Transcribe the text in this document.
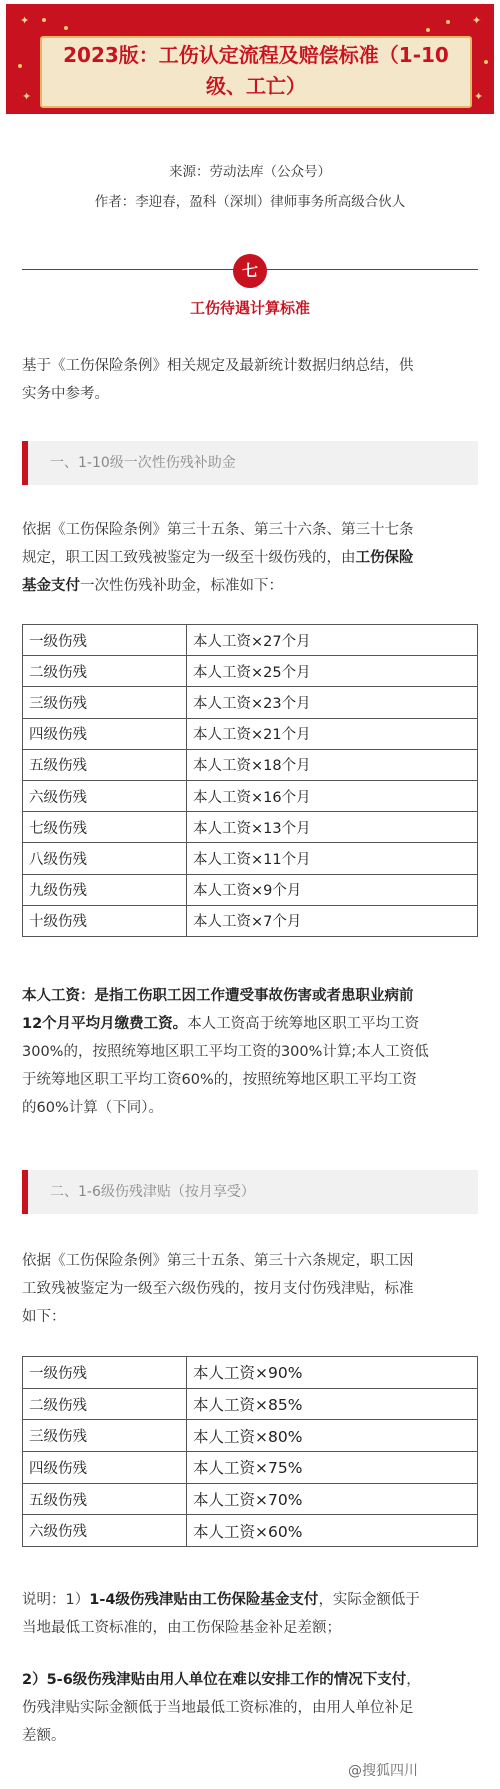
✦	✦
✦	✦
2023版：工伤认定流程及赔偿标准（1-10
级、工亡）
来源：劳动法库（公众号）
作者：李迎春，盈科（深圳）律师事务所高级合伙人
七
工伤待遇计算标准
基于《工伤保险条例》相关规定及最新统计数据归纳总结，供
实务中参考。
一、1-10级一次性伤残补助金
依据《工伤保险条例》第三十五条、第三十六条、第三十七条
规定，职工因工致残被鉴定为一级至十级伤残的，由工伤保险
基金支付一次性伤残补助金，标准如下：
一级伤残	本人工资×27个月
二级伤残	本人工资×25个月
三级伤残	本人工资×23个月
四级伤残	本人工资×21个月
五级伤残	本人工资×18个月
六级伤残	本人工资×16个月
七级伤残	本人工资×13个月
八级伤残	本人工资×11个月
九级伤残	本人工资×9个月
十级伤残	本人工资×7个月
本人工资：是指工伤职工因工作遭受事故伤害或者患职业病前
12个月平均月缴费工资。本人工资高于统筹地区职工平均工资
300%的，按照统筹地区职工平均工资的300%计算;本人工资低
于统筹地区职工平均工资60%的，按照统筹地区职工平均工资
的60%计算（下同）。
二、1-6级伤残津贴（按月享受）
依据《工伤保险条例》第三十五条、第三十六条规定，职工因
工致残被鉴定为一级至六级伤残的，按月支付伤残津贴，标准
如下：
一级伤残	本人工资×90%
二级伤残	本人工资×85%
三级伤残	本人工资×80%
四级伤残	本人工资×75%
五级伤残	本人工资×70%
六级伤残	本人工资×60%
说明：1）1-4级伤残津贴由工伤保险基金支付，实际金额低于
当地最低工资标准的，由工伤保险基金补足差额；
2）5-6级伤残津贴由用人单位在难以安排工作的情况下支付，
伤残津贴实际金额低于当地最低工资标准的，由用人单位补足
差额。
@搜狐四川
